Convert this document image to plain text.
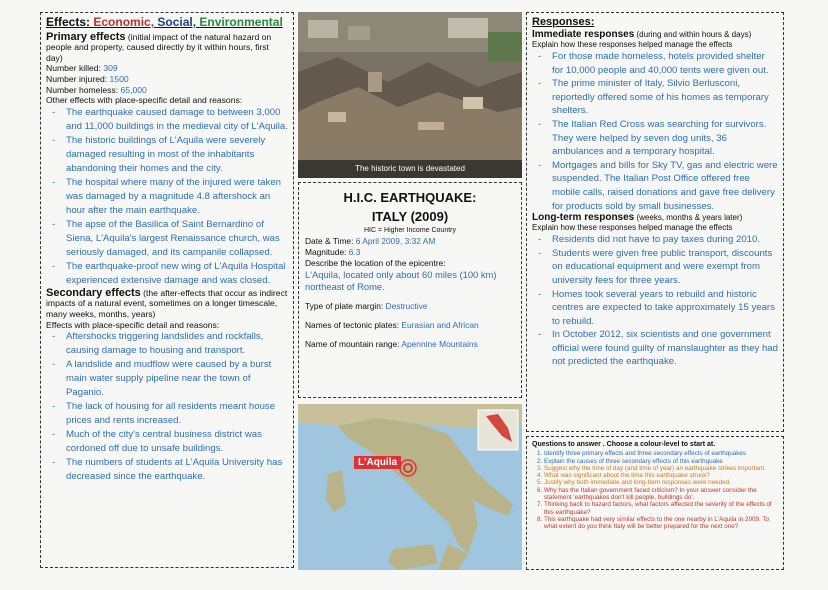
Effects: Economic, Social, Environmental
Primary effects (initial impact of the natural hazard on people and property, caused directly by it within hours, first day)
Number killed: 309
Number injured: 1500
Number homeless: 65,000
Other effects with place-specific detail and reasons:
- The earthquake caused damage to between 3,000 and 11,000 buildings in the medieval city of L'Aquila.
- The historic buildings of L'Aquila were severely damaged resulting in most of the inhabitants abandoning their homes and the city.
- The hospital where many of the injured were taken was damaged by a magnitude 4.8 aftershock an hour after the main earthquake.
- The apse of the Basilica of Saint Bernardino of Siena, L'Aquila's largest Renaissance church, was seriously damaged, and its campanile collapsed.
- The earthquake-proof new wing of L'Aquila Hospital experienced extensive damage and was closed.
Secondary effects (the after-effects that occur as indirect impacts of a natural event, sometimes on a longer timescale, many weeks, months, years)
Effects with place-specific detail and reasons:
- Aftershocks triggering landslides and rockfalls, causing damage to housing and transport.
- A landslide and mudflow were caused by a burst main water supply pipeline near the town of Paganio.
- The lack of housing for all residents meant house prices and rents increased.
- Much of the city's central business district was cordoned off due to unsafe buildings.
- The numbers of students at L'Aquila University has decreased since the earthquake.
The historic town is devastated
H.I.C. EARTHQUAKE:
ITALY (2009)
HIC = Higher Income Country
Date & Time: 6 April 2009, 3:32 AM
Magnitude: 6.3
Describe the location of the epicentre:
L'Aquila, located only about 60 miles (100 km) northeast of Rome.
Type of plate margin: Destructive
Names of tectonic plates: Eurasian and African
Name of mountain range: Apennine Mountains
L'Aquila
Responses:
Immediate responses (during and within hours & days)
Explain how these responses helped manage the effects
- For those made homeless, hotels provided shelter for 10,000 people and 40,000 tents were given out.
- The prime minister of Italy, Silvio Berlusconi, reportedly offered some of his homes as temporary shelters.
- The Italian Red Cross was searching for survivors. They were helped by seven dog units, 36 ambulances and a temporary hospital.
- Mortgages and bills for Sky TV, gas and electric were suspended. The Italian Post Office offered free mobile calls, raised donations and gave free delivery for products sold by small businesses.
Long-term responses (weeks, months & years later)
Explain how these responses helped manage the effects
- Residents did not have to pay taxes during 2010.
- Students were given free public transport, discounts on educational equipment and were exempt from university fees for three years.
- Homes took several years to rebuild and historic centres are expected to take approximately 15 years to rebuild.
- In October 2012, six scientists and one government official were found guilty of manslaughter as they had not predicted the earthquake.
Questions to answer . Choose a colour-level to start at.
1. Identify three primary effects and three secondary effects of earthquakes
2. Explain the causes of three secondary effects of this earthquake
3. Suggest why the time of day (and time of year) an earthquake strikes important.
4. What was significant about the time this earthquake struck?
5. Justify why both immediate and long-term responses were needed.
6. Why has the Italian government faced criticism? In your answer consider the statement 'earthquakes don't kill people, buildings do'.
7. Thinking back to hazard factors, what factors affected the severity of the effects of this earthquake?
8. This earthquake had very similar effects to the one nearby in L'Aquila in 2009. To what extent do you think Italy will be better prepared for the next one?
